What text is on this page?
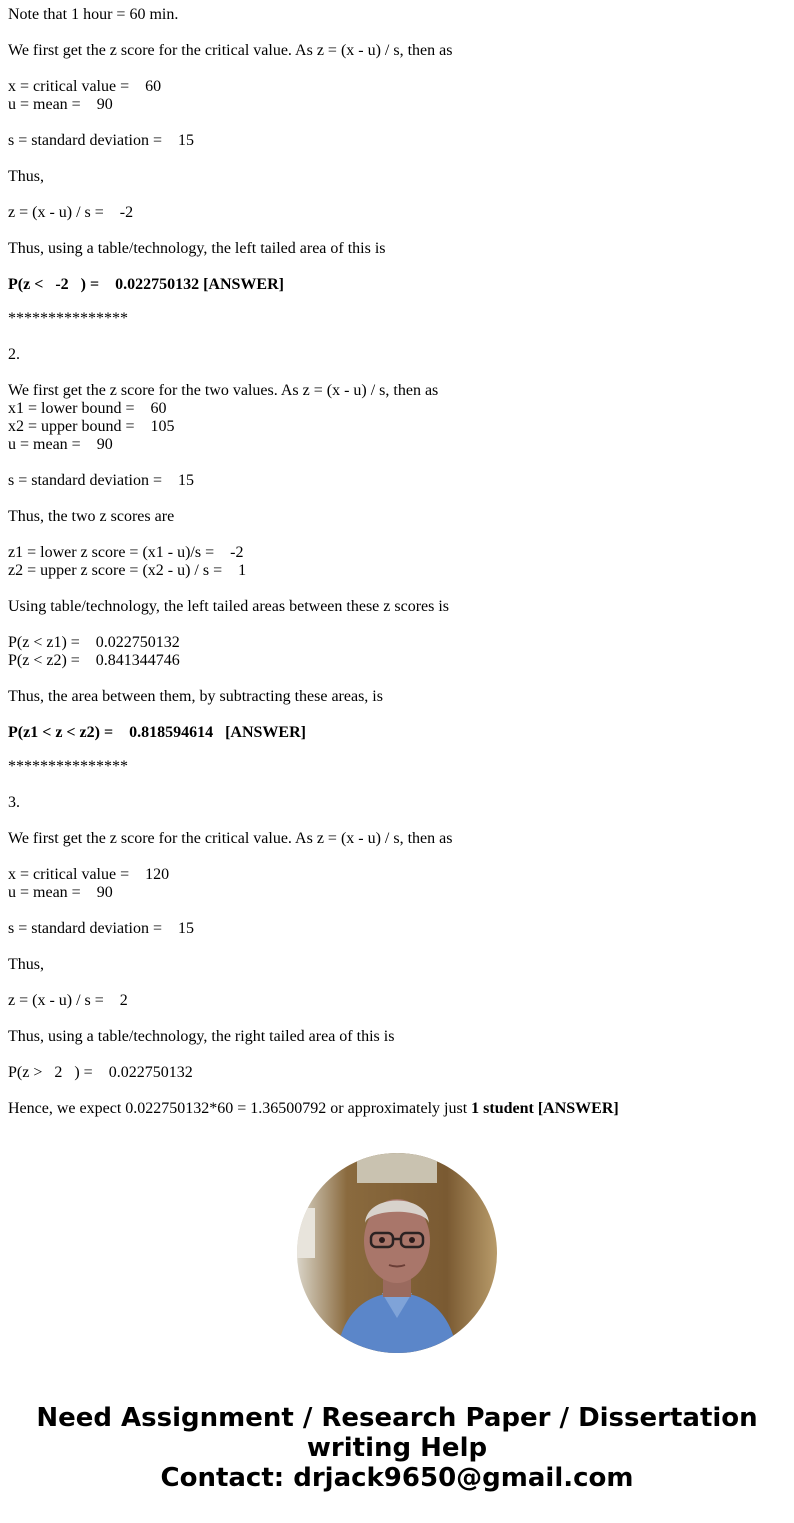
Note that 1 hour = 60 min.
We first get the z score for the critical value. As z = (x - u) / s, then as
x = critical value =    60
u = mean =    90
s = standard deviation =    15
Thus,
z = (x - u) / s =    -2
Thus, using a table/technology, the left tailed area of this is
P(z <   -2   ) =    0.022750132 [ANSWER]
***************
2.
We first get the z score for the two values. As z = (x - u) / s, then as
x1 = lower bound =    60
x2 = upper bound =    105
u = mean =    90
s = standard deviation =    15
Thus, the two z scores are
z1 = lower z score = (x1 - u)/s =    -2
z2 = upper z score = (x2 - u) / s =    1
Using table/technology, the left tailed areas between these z scores is
P(z < z1) =    0.022750132
P(z < z2) =    0.841344746
Thus, the area between them, by subtracting these areas, is
P(z1 < z < z2) =    0.818594614   [ANSWER]
***************
3.
We first get the z score for the critical value. As z = (x - u) / s, then as
x = critical value =    120
u = mean =    90
s = standard deviation =    15
Thus,
z = (x - u) / s =    2
Thus, using a table/technology, the right tailed area of this is
P(z >   2   ) =    0.022750132
Hence, we expect 0.022750132*60 = 1.36500792 or approximately just 1 student [ANSWER]
Need Assignment / Research Paper / Dissertation
writing Help
Contact: drjack9650@gmail.com
